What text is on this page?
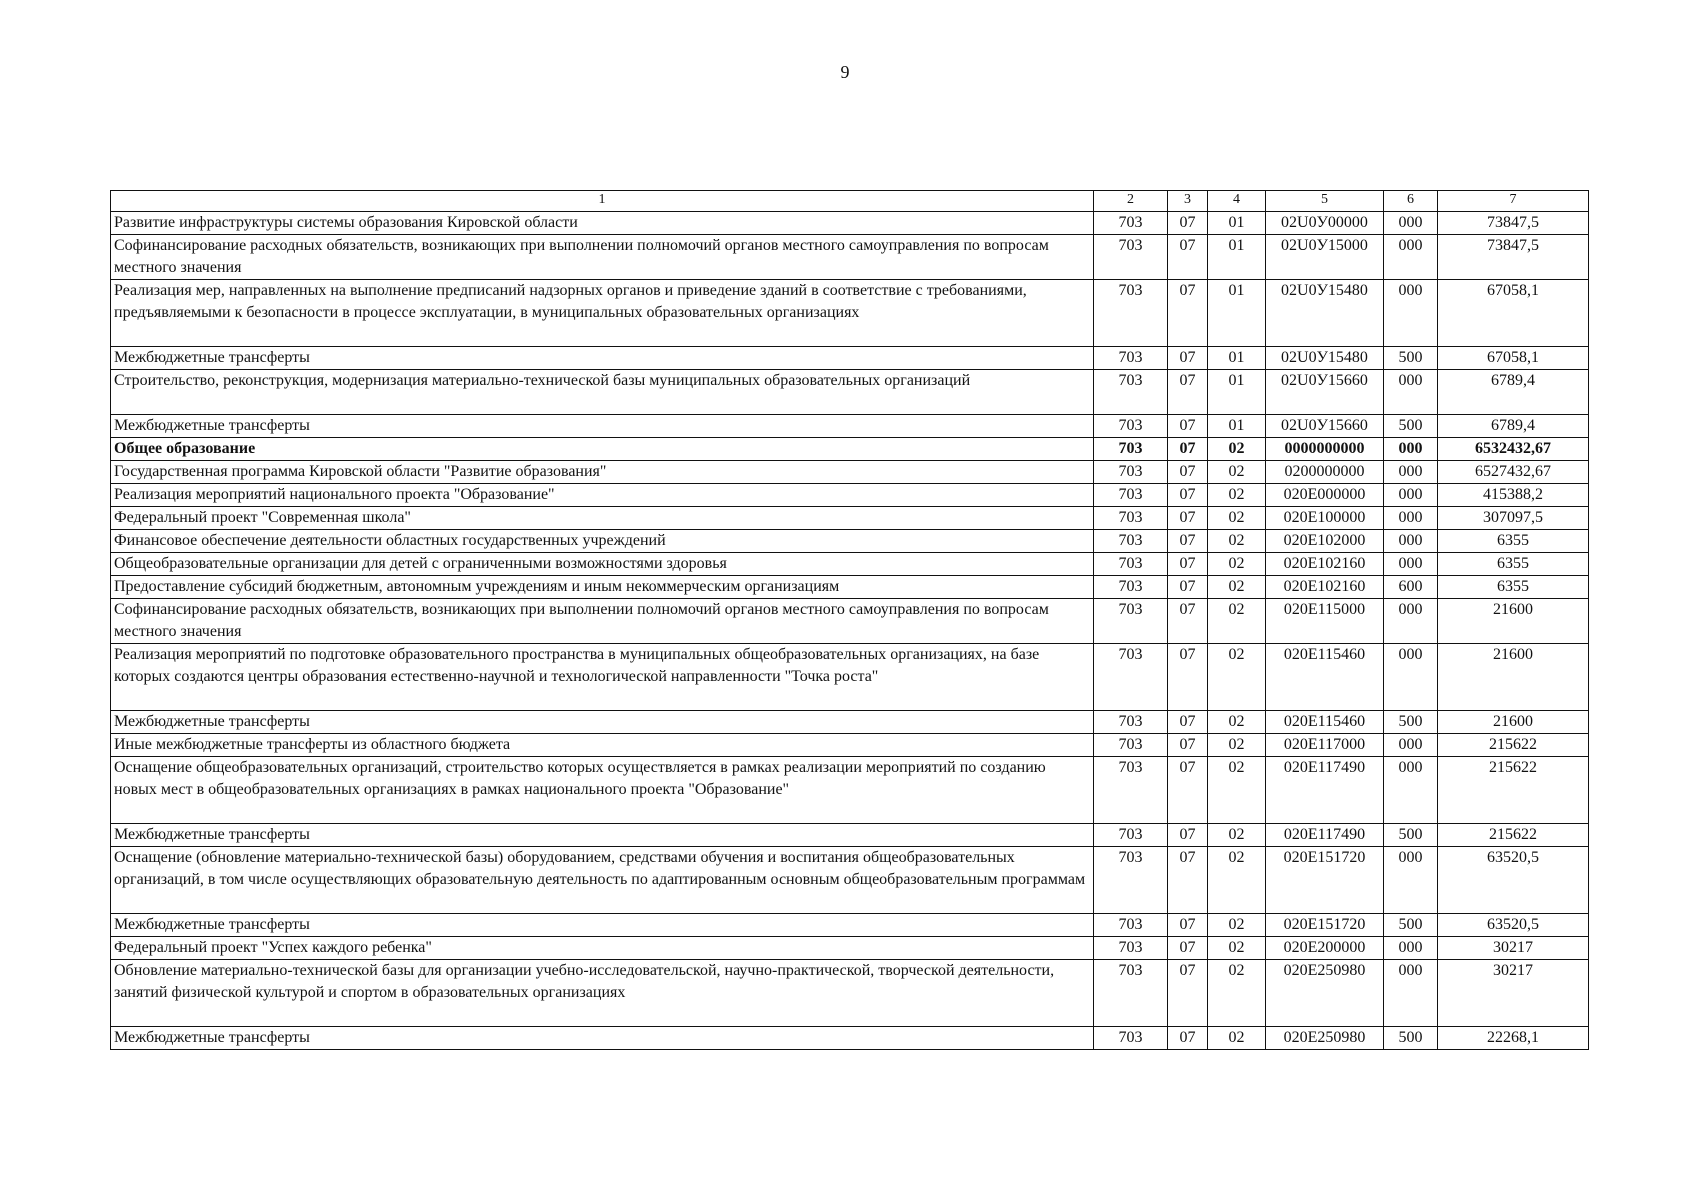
9
1	2	3	4	5	6	7
Развитие инфраструктуры системы образования Кировской области	703	07	01	02U0У00000	000	73847,5
Софинансирование расходных обязательств, возникающих при выполнении полномочий органов местного самоуправления по вопросам местного значения	703	07	01	02U0У15000	000	73847,5
Реализация мер, направленных на выполнение предписаний надзорных органов и приведение зданий в соответствие с требованиями, предъявляемыми к безопасности в процессе эксплуатации, в муниципальных образовательных организациях	703	07	01	02U0У15480	000	67058,1
Межбюджетные трансферты	703	07	01	02U0У15480	500	67058,1
Строительство, реконструкция, модернизация материально-технической базы муниципальных образовательных организаций	703	07	01	02U0У15660	000	6789,4
Межбюджетные трансферты	703	07	01	02U0У15660	500	6789,4
Общее образование	703	07	02	0000000000	000	6532432,67
Государственная программа Кировской области "Развитие образования"	703	07	02	0200000000	000	6527432,67
Реализация мероприятий национального проекта "Образование"	703	07	02	020E000000	000	415388,2
Федеральный проект "Современная школа"	703	07	02	020E100000	000	307097,5
Финансовое обеспечение деятельности областных государственных учреждений	703	07	02	020E102000	000	6355
Общеобразовательные организации для детей с ограниченными возможностями здоровья	703	07	02	020E102160	000	6355
Предоставление субсидий бюджетным, автономным учреждениям и иным некоммерческим организациям	703	07	02	020E102160	600	6355
Софинансирование расходных обязательств, возникающих при выполнении полномочий органов местного самоуправления по вопросам местного значения	703	07	02	020E115000	000	21600
Реализация мероприятий по подготовке образовательного пространства в муниципальных общеобразовательных организациях, на базе которых создаются центры образования естественно-научной и технологической направленности "Точка роста"	703	07	02	020E115460	000	21600
Межбюджетные трансферты	703	07	02	020E115460	500	21600
Иные межбюджетные трансферты из областного бюджета	703	07	02	020E117000	000	215622
Оснащение общеобразовательных организаций, строительство которых осуществляется в рамках реализации мероприятий по созданию новых мест в общеобразовательных организациях в рамках национального проекта "Образование"	703	07	02	020E117490	000	215622
Межбюджетные трансферты	703	07	02	020E117490	500	215622
Оснащение (обновление материально-технической базы) оборудованием, средствами обучения и воспитания общеобразовательных организаций, в том числе осуществляющих образовательную деятельность по адаптированным основным общеобразовательным программам	703	07	02	020E151720	000	63520,5
Межбюджетные трансферты	703	07	02	020E151720	500	63520,5
Федеральный проект "Успех каждого ребенка"	703	07	02	020E200000	000	30217
Обновление материально-технической базы для организации учебно-исследовательской, научно-практической, творческой деятельности, занятий физической культурой и спортом в образовательных организациях	703	07	02	020E250980	000	30217
Межбюджетные трансферты	703	07	02	020E250980	500	22268,1
